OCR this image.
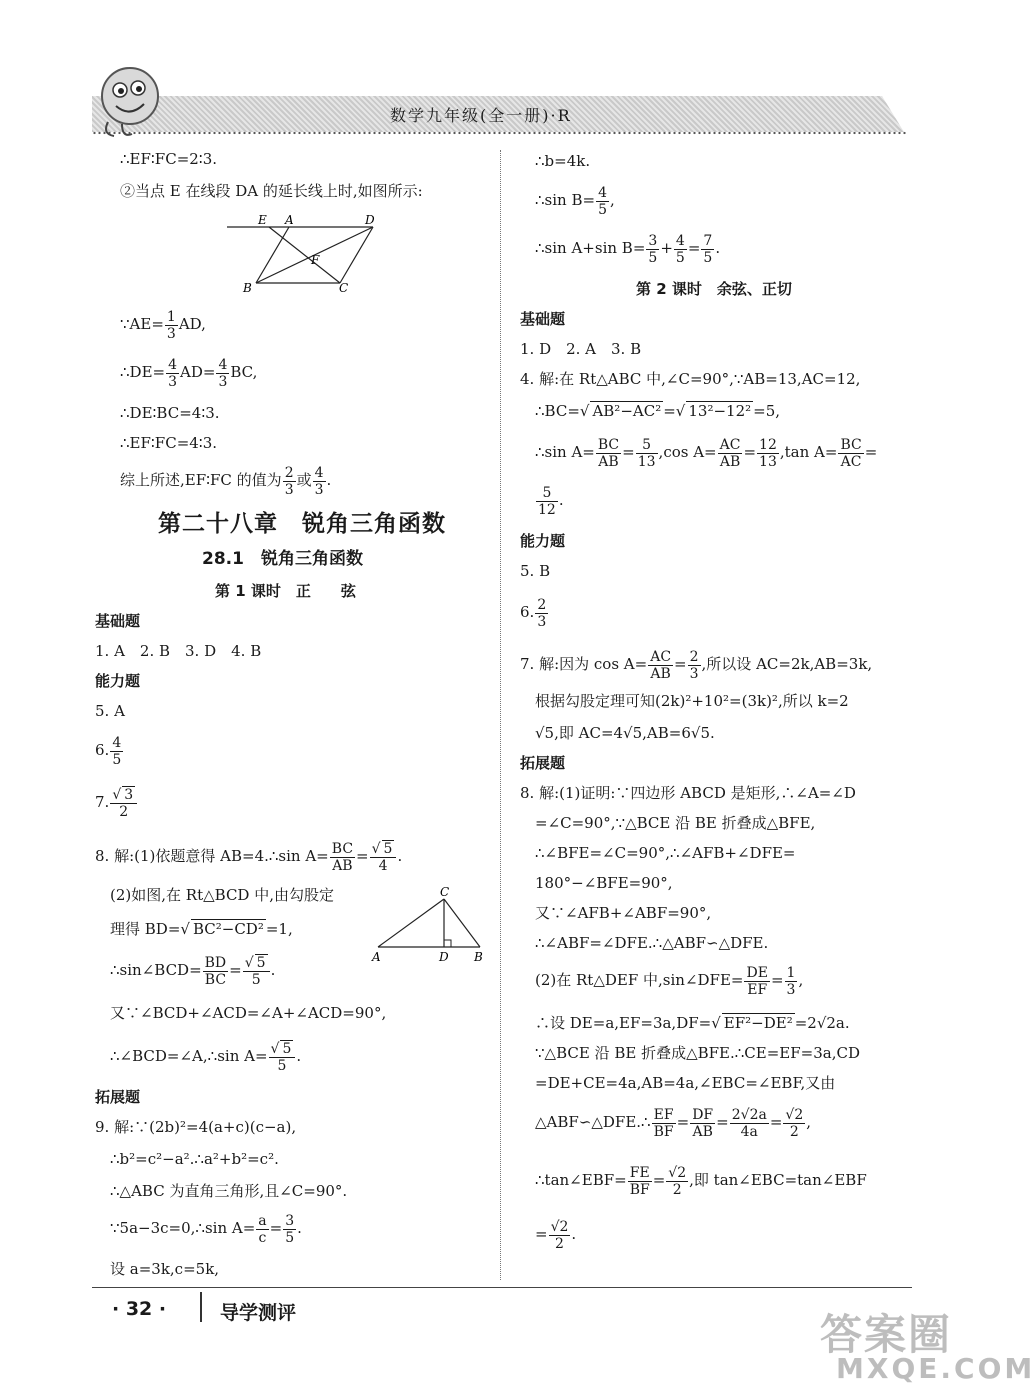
数学九年级(全一册)·R
∴EF∶FC=2∶3.
②当点 E 在线段 DA 的延长线上时,如图所示:
E A	D
F
B	C
∵AE= $\frac{1}{3}$ AD,
∴DE= $\frac{4}{3} AD= \frac{4}{3}$ BC,
∴DE∶BC=4∶3.
∴EF∶FC=4∶3.
综上所述,EF∶FC 的值为 $\frac{2}{3}$ 或 $\frac{4}{3}$ .
第二十八章　锐角三角函数
28.1　锐角三角函数
第 1 课时　正　　弦
基础题
1. A　2. B　3. D　4. B
能力题
5. A
6. $\frac{4}{5}$
7. $\frac{√ 3}{2}$
8. 解:(1)依题意得 AB=4.∴sin $A= \frac{BC}{AB} = \frac{√ 5}{4}$ .
(2)如图,在 Rt△BCD 中,由勾股定
理得 BD=√ BC²−CD² =1,
C
A	D B
∴sin∠BCD= $\frac{BD}{BC} = \frac{√ 5}{5}$ .
又∵∠BCD+∠ACD=∠A+∠ACD=90°,
∴∠BCD=∠A,∴sin $A= \frac{√ 5}{5}$ .
拓展题
9. 解:∵(2b)²=4(a+c)(c−a),
∴b²=c²−a².∴a²+b²=c².
∴△ABC 为直角三角形,且∠C=90°.
∵5a−3c=0,∴sin $A= \frac{a}{c} = \frac{3}{5}$ .
设 a=3k,c=5k,
∴b=4k.
∴sin $B= \frac{4}{5}$ ,
∴sin A+sin $B= \frac{3}{5} + \frac{4}{5} = \frac{7}{5}$ .
第 2 课时　余弦、正切
基础题
1. D　2. A　3. B
4. 解:在 Rt△ABC 中,∠C=90°,∵AB=13,AC=12,
∴BC=√ AB²−AC² =√ 13²−12² =5,
∴sin $A= \frac{BC}{AB} = \frac{5}{13} ,\cos$ $A= \frac{AC}{AB} = \frac{12}{13} ,\tan$ $A= \frac{BC}{AC}$ =
$\frac{5}{12}$ .
能力题
5. B
6. $\frac{2}{3}$
7. 解:因为 $\cos A= \frac{AC}{AB} = \frac{2}{3}$ ,所以设 AC=2k,AB=3k,
根据勾股定理可知(2k)²+10²=(3k)²,所以 k=2
√5,即 AC=4√5,AB=6√5.
拓展题
8. 解:(1)证明:∵四边形 ABCD 是矩形,∴∠A=∠D
=∠C=90°,∵△BCE 沿 BE 折叠成△BFE,
∴∠BFE=∠C=90°,∴∠AFB+∠DFE=
180°−∠BFE=90°,
又∵∠AFB+∠ABF=90°,
∴∠ABF=∠DFE.∴△ABF∽△DFE.
(2)在 Rt△DEF 中,sin∠DFE= $\frac{DE}{EF} = \frac{1}{3}$ ,
∴设 DE=a,EF=3a,DF=√ EF²−DE² =2√2a.
∵△BCE 沿 BE 折叠成△BFE.∴CE=EF=3a,CD
=DE+CE=4a,AB=4a,∠EBC=∠EBF,又由
△ABF∽△DFE.∴ $\frac{EF}{BF} = \frac{DF}{AB} = \frac{2√2a}{4a} = \frac{√2}{2}$ ,
∴tan∠EBF= $\frac{FE}{BF} = \frac{√2}{2}$ ,即 tan∠EBC=tan∠EBF
= $\frac{√2}{2}$ .
· 32 ·	导学测评	答案圈
MXQE.COM
